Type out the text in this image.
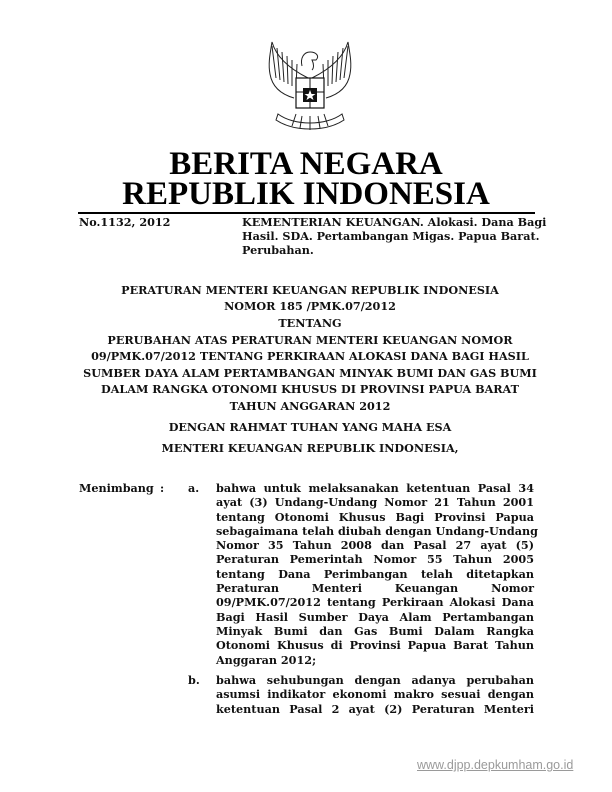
BERITA NEGARA
REPUBLIK INDONESIA
No.1132, 2012	KEMENTERIAN KEUANGAN. Alokasi. Dana Bagi
Hasil. SDA. Pertambangan Migas. Papua Barat.
Perubahan.
PERATURAN MENTERI KEUANGAN REPUBLIK INDONESIA
NOMOR 185 /PMK.07/2012
TENTANG
PERUBAHAN ATAS PERATURAN MENTERI KEUANGAN NOMOR
09/PMK.07/2012 TENTANG PERKIRAAN ALOKASI DANA BAGI HASIL
SUMBER DAYA ALAM PERTAMBANGAN MINYAK BUMI DAN GAS BUMI
DALAM RANGKA OTONOMI KHUSUS DI PROVINSI PAPUA BARAT
TAHUN ANGGARAN 2012
DENGAN RAHMAT TUHAN YANG MAHA ESA
MENTERI KEUANGAN REPUBLIK INDONESIA,
Menimbang : a. bahwa untuk melaksanakan ketentuan Pasal 34
ayat (3) Undang-Undang Nomor 21 Tahun 2001
tentang Otonomi Khusus Bagi Provinsi Papua
sebagaimana telah diubah dengan Undang-Undang
Nomor 35 Tahun 2008 dan Pasal 27 ayat (5)
Peraturan Pemerintah Nomor 55 Tahun 2005
tentang Dana Perimbangan telah ditetapkan
Peraturan Menteri Keuangan Nomor
09/PMK.07/2012 tentang Perkiraan Alokasi Dana
Bagi Hasil Sumber Daya Alam Pertambangan
Minyak Bumi dan Gas Bumi Dalam Rangka
Otonomi Khusus di Provinsi Papua Barat Tahun
Anggaran 2012;
b. bahwa sehubungan dengan adanya perubahan
asumsi indikator ekonomi makro sesuai dengan
ketentuan Pasal 2 ayat (2) Peraturan Menteri
www.djpp.depkumham.go.id
